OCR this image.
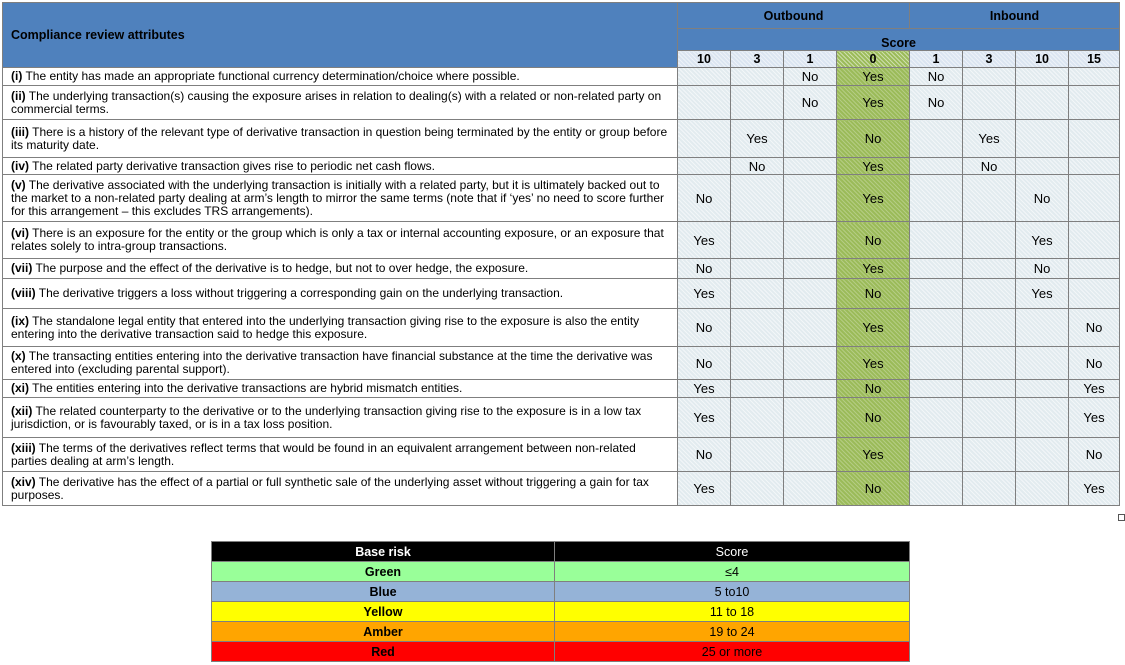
Compliance review attributes	Outbound				Inbound			
	Score							
	10	3	1	0	1	3	10	15
(i) The entity has made an appropriate functional currency determination/choice where possible.			No	Yes	No			
(ii) The underlying transaction(s) causing the exposure arises in relation to dealing(s) with a related or non-related party on commercial terms.			No	Yes	No			
(iii) There is a history of the relevant type of derivative transaction in question being terminated by the entity or group before its maturity date.		Yes		No		Yes		
(iv) The related party derivative transaction gives rise to periodic net cash flows.		No		Yes		No		
(v) The derivative associated with the underlying transaction is initially with a related party, but it is ultimately backed out to the market to a non-related party dealing at arm’s length to mirror the same terms (note that if ‘yes’ no need to score further for this arrangement – this excludes TRS arrangements).	No			Yes			No	
(vi) There is an exposure for the entity or the group which is only a tax or internal accounting exposure, or an exposure that relates solely to intra-group transactions.	Yes			No			Yes	
(vii) The purpose and the effect of the derivative is to hedge, but not to over hedge, the exposure.	No			Yes			No	
(viii) The derivative triggers a loss without triggering a corresponding gain on the underlying transaction.	Yes			No			Yes	
(ix) The standalone legal entity that entered into the underlying transaction giving rise to the exposure is also the entity entering into the derivative transaction said to hedge this exposure.	No			Yes				No
(x) The transacting entities entering into the derivative transaction have financial substance at the time the derivative was entered into (excluding parental support).	No			Yes				No
(xi) The entities entering into the derivative transactions are hybrid mismatch entities.	Yes			No				Yes
(xii) The related counterparty to the derivative or to the underlying transaction giving rise to the exposure is in a low tax jurisdiction, or is favourably taxed, or is in a tax loss position.	Yes			No				Yes
(xiii) The terms of the derivatives reflect terms that would be found in an equivalent arrangement between non-related parties dealing at arm’s length.	No			Yes				No
(xiv) The derivative has the effect of a partial or full synthetic sale of the underlying asset without triggering a gain for tax purposes.	Yes			No				Yes
Base risk	Score
Green	≤4
Blue	5 to10
Yellow	11 to 18
Amber	19 to 24
Red	25 or more
